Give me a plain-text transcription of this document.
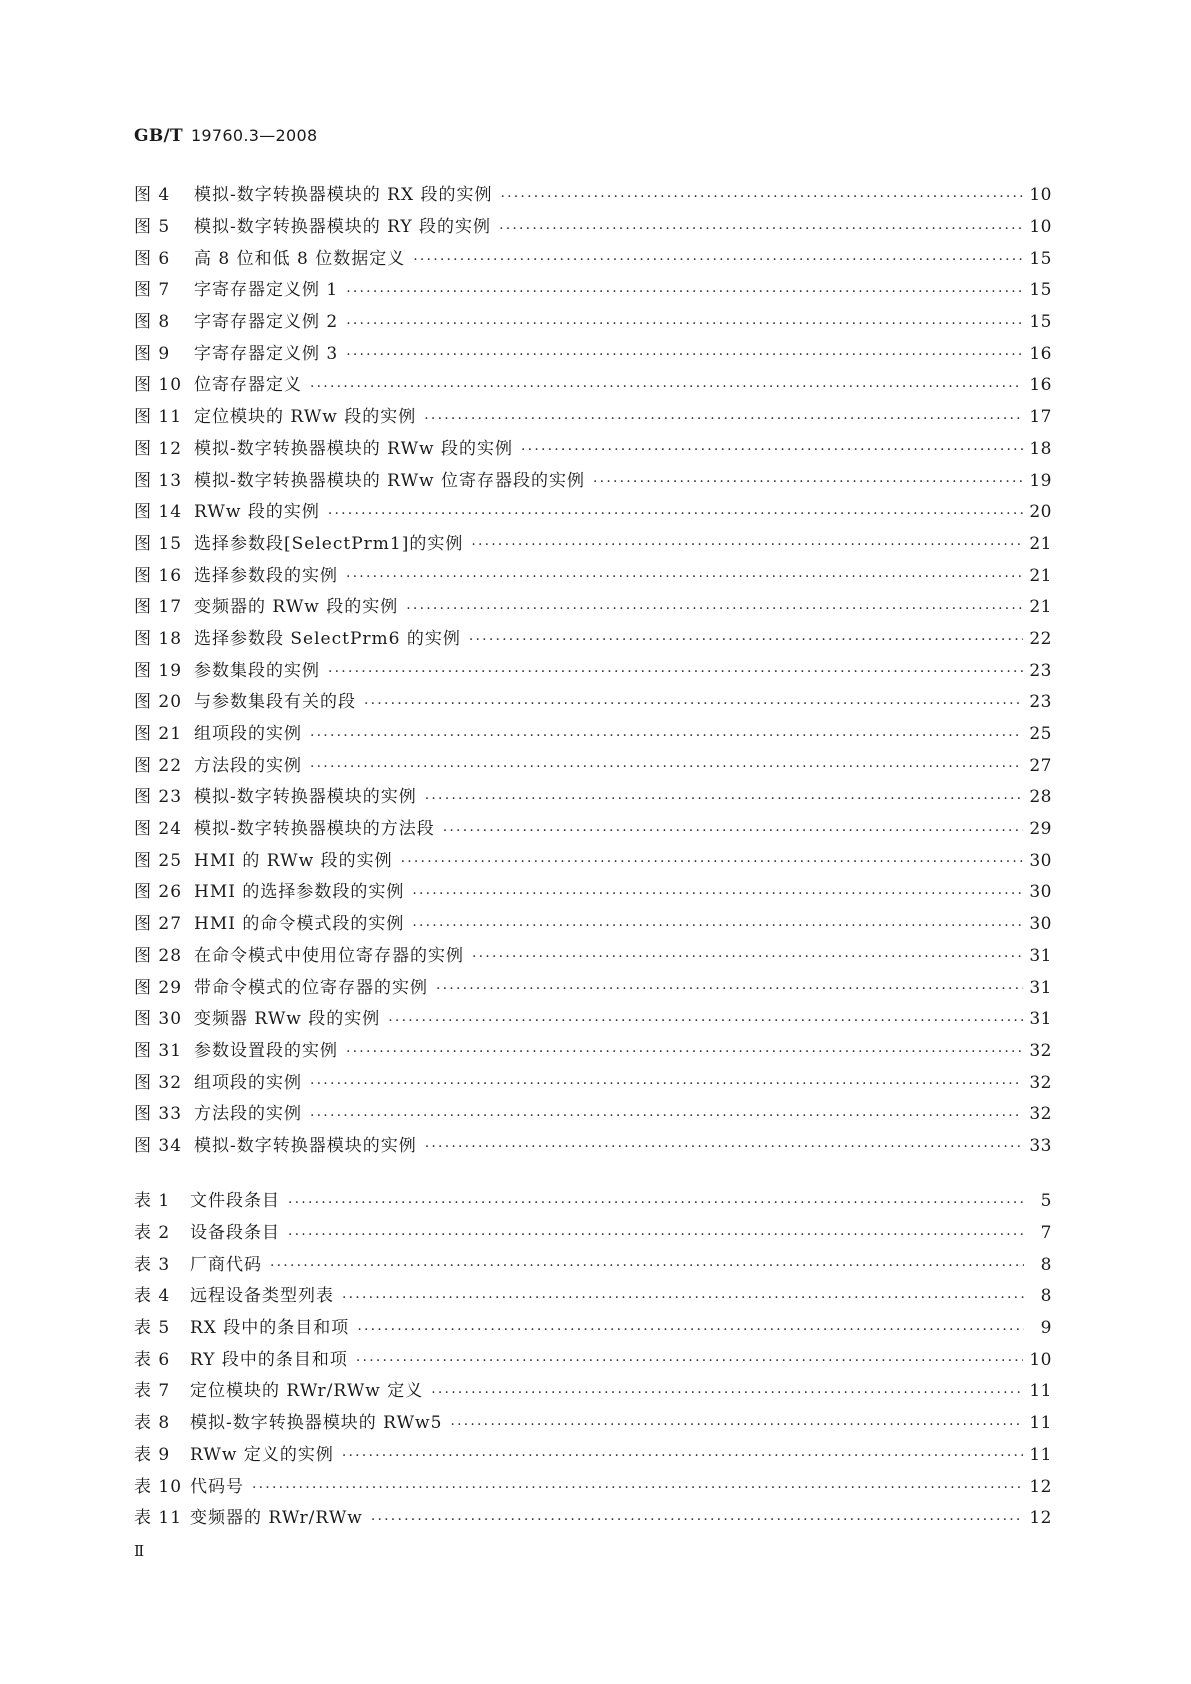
GB/T 19760.3—2008
图 4	模拟-数字转换器模块的 RX 段的实例 ·····	10
图 5	模拟-数字转换器模块的 RY 段的实例 ·····	10
图 6	高 8 位和低 8 位数据定义 ·····	15
图 7	字寄存器定义例 1 ·····	15
图 8	字寄存器定义例 2 ·····	15
图 9	字寄存器定义例 3 ·····	16
图 10 位寄存器定义 ·····	16
图 11 定位模块的 RWw 段的实例 ·····	17
图 12 模拟-数字转换器模块的 RWw 段的实例 ·····	18
图 13 模拟-数字转换器模块的 RWw 位寄存器段的实例 ·····	19
图 14 RWw 段的实例 ·····	20
图 15 选择参数段[SelectPrm1]的实例 ·····	21
图 16 选择参数段的实例 ·····	21
图 17 变频器的 RWw 段的实例 ·····	21
图 18 选择参数段 SelectPrm6 的实例 ·····	22
图 19 参数集段的实例 ·····	23
图 20 与参数集段有关的段 ·····	23
图 21 组项段的实例 ·····	25
图 22 方法段的实例 ·····	27
图 23 模拟-数字转换器模块的实例 ·····	28
图 24 模拟-数字转换器模块的方法段 ·····	29
图 25 HMI 的 RWw 段的实例 ·····	30
图 26 HMI 的选择参数段的实例 ·····	30
图 27 HMI 的命令模式段的实例 ·····	30
图 28 在命令模式中使用位寄存器的实例 ·····	31
图 29 带命令模式的位寄存器的实例 ·····	31
图 30 变频器 RWw 段的实例 ·····	31
图 31 参数设置段的实例 ·····	32
图 32 组项段的实例 ·····	32
图 33 方法段的实例 ·····	32
图 34 模拟-数字转换器模块的实例 ·····	33
表 1	文件段条目 ·····	5
表 2	设备段条目 ·····	7
表 3	厂商代码 ·····	8
表 4	远程设备类型列表 ·····	8
表 5	RX 段中的条目和项 ·····	9
表 6	RY 段中的条目和项 ·····	10
表 7	定位模块的 RWr/RWw 定义 ·····	11
表 8	模拟-数字转换器模块的 RWw5 ·····	11
表 9	RWw 定义的实例 ·····	11
表 10 代码号 ·····	12
表 11 变频器的 RWr/RWw ·····	12
Ⅱ
